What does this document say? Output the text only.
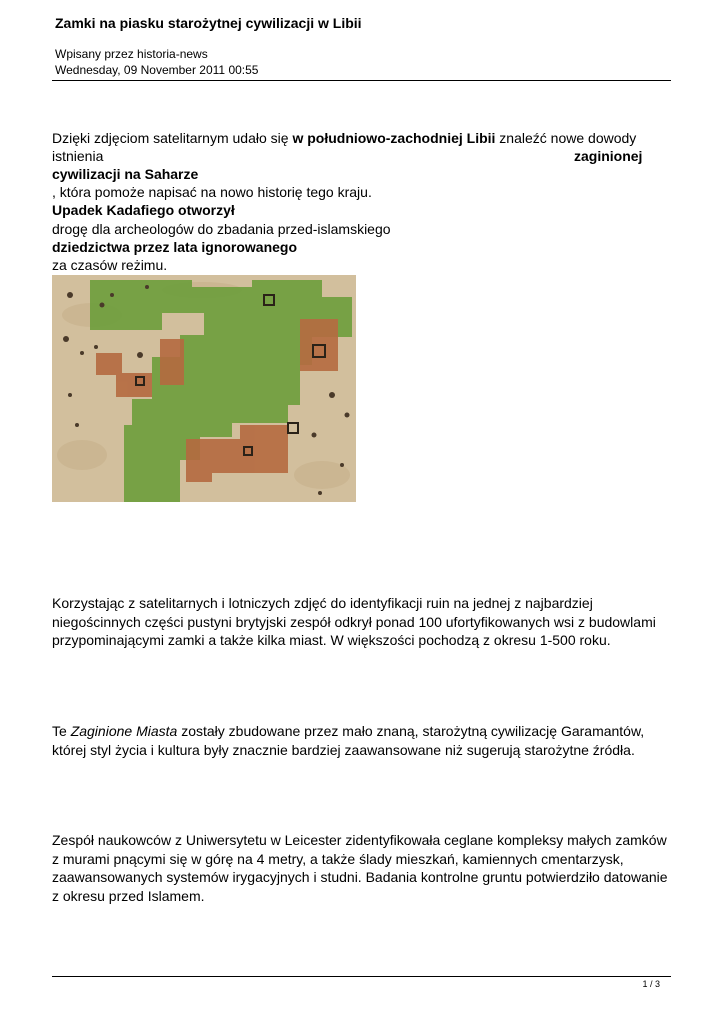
Zamki na piasku starożytnej cywilizacji w Libii
Wpisany przez historia-news
Wednesday, 09 November 2011 00:55
Dzięki zdjęciom satelitarnym udało się w południowo-zachodniej Libii znaleźć nowe dowody
istnienia	zaginionej
cywilizacji na Saharze
, która pomoże napisać na nowo historię tego kraju.
Upadek Kadafiego otworzył
drogę dla archeologów do zbadania przed-islamskiego
dziedzictwa przez lata ignorowanego
za czasów reżimu.
Korzystając z satelitarnych i lotniczych zdjęć do identyfikacji ruin na jednej z najbardziej niegościnnych części pustyni brytyjski zespół odkrył ponad 100 ufortyfikowanych wsi z budowlami przypominającymi zamki a także kilka miast. W większości pochodzą z okresu 1-500 roku.
Te Zaginione Miasta zostały zbudowane przez mało znaną, starożytną cywilizację Garamantów, której styl życia i kultura były znacznie bardziej zaawansowane niż sugerują starożytne źródła.
Zespół naukowców z Uniwersytetu w Leicester zidentyfikowała ceglane kompleksy małych zamków z murami pnącymi się w górę na 4 metry, a także ślady mieszkań, kamiennych cmentarzysk, zaawansowanych systemów irygacyjnych i studni. Badania kontrolne gruntu potwierdziło datowanie z okresu przed Islamem.
1 / 3
